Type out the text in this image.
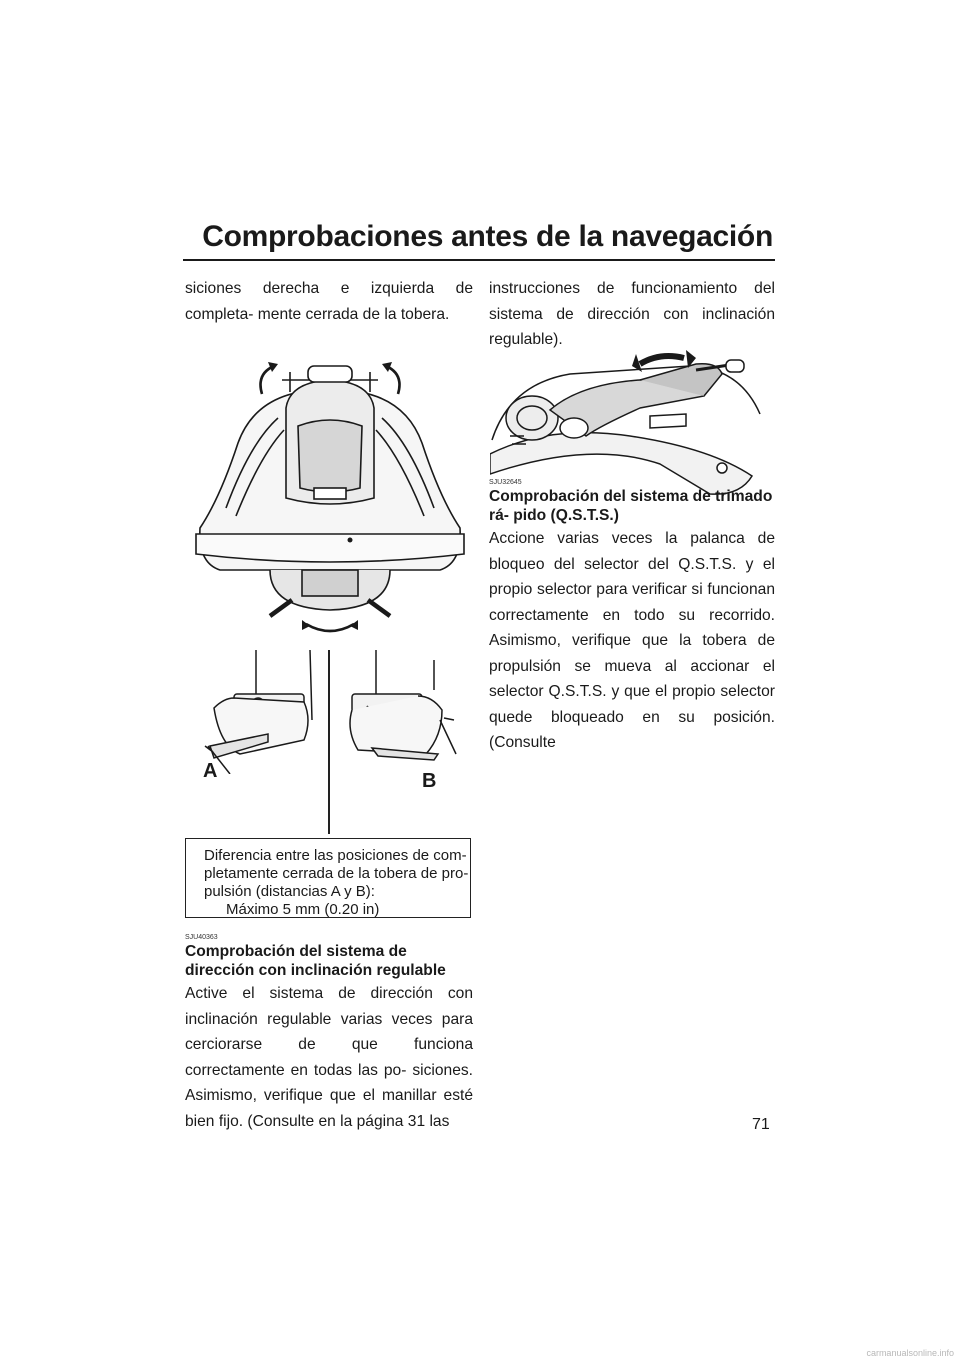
Comprobaciones antes de la navegación

siciones derecha e izquierda de completa- mente cerrada de la tobera.

A	B
Diferencia entre las posiciones de com-
pletamente cerrada de la tobera de pro-
pulsión (distancias A y B):
Máximo 5 mm (0.20 in)
SJU40363
Comprobación del sistema de dirección con inclinación regulable

Active el sistema de dirección con inclinación regulable varias veces para cerciorarse de que funciona correctamente en todas las po- siciones. Asimismo, verifique que el manillar esté bien fijo. (Consulte en la página 31 las

instrucciones de funcionamiento del sistema de dirección con inclinación regulable).

SJU32645
Comprobación del sistema de trimado rá- pido (Q.S.T.S.)

Accione varias veces la palanca de bloqueo del selector del Q.S.T.S. y el propio selector para verificar si funcionan correctamente en todo su recorrido. Asimismo, verifique que la tobera de propulsión se mueva al accionar el selector Q.S.T.S. y que el propio selector quede bloqueado en su posición. (Consulte

71
carmanualsonline.info
